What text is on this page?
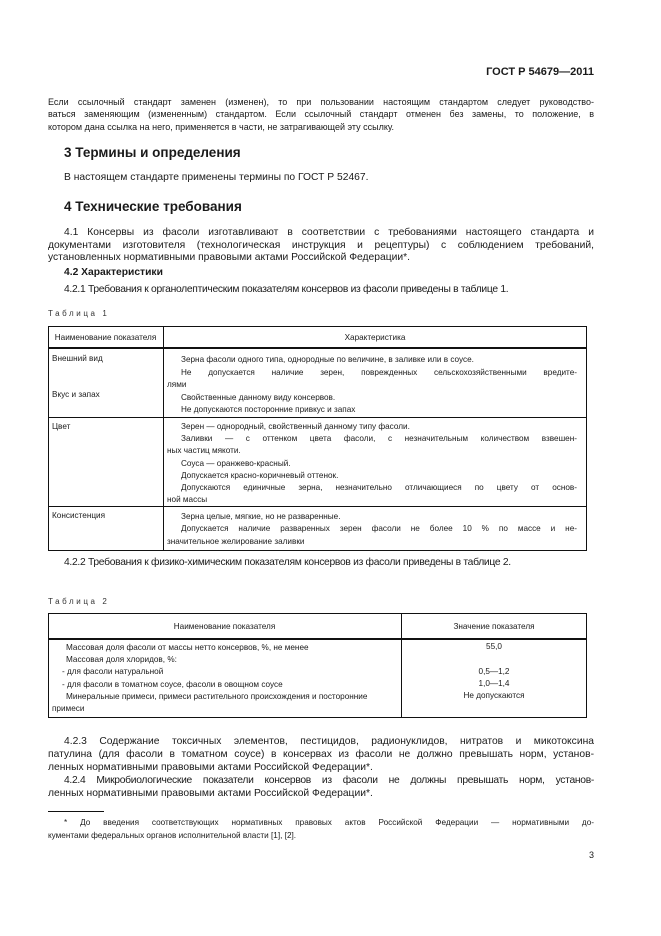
ГОСТ Р 54679—2011
Если ссылочный стандарт заменен (изменен), то при пользовании настоящим стандартом следует руководство-
ваться заменяющим (измененным) стандартом. Если ссылочный стандарт отменен без замены, то положение, в
котором дана ссылка на него, применяется в части, не затрагивающей эту ссылку.
3 Термины и определения
В настоящем стандарте применены термины по ГОСТ Р 52467.
4 Технические требования
4.1 Консервы из фасоли изготавливают в соответствии с требованиями настоящего стандарта и
документами изготовителя (технологическая инструкция и рецептуры) с соблюдением требований,
установленных нормативными правовыми актами Российской Федерации*.
4.2 Характеристики
4.2.1 Требования к органолептическим показателям консервов из фасоли приведены в таблице 1.
Таблица 1
Наименование показателя	Характеристика
Внешний вид
Вкус и запах
Цвет
Консистенция
Зерна фасоли одного типа, однородные по величине, в заливке или в соусе.
Не допускается наличие зерен, поврежденных сельскохозяйственными вредите-
лями
Свойственные данному виду консервов.
Не допускаются посторонние привкус и запах
Зерен — однородный, свойственный данному типу фасоли.
Заливки — с оттенком цвета фасоли, с незначительным количеством взвешен-
ных частиц мякоти.
Соуса — оранжево-красный.
Допускается красно-коричневый оттенок.
Допускаются единичные зерна, незначительно отличающиеся по цвету от основ-
ной массы
Зерна целые, мягкие, но не разваренные.
Допускается наличие разваренных зерен фасоли не более 10 % по массе и не-
значительное желирование заливки
4.2.2 Требования к физико-химическим показателям консервов из фасоли приведены в таблице 2.
Таблица 2
Наименование показателя	Значение показателя
Массовая доля фасоли от массы нетто консервов, %, не менее
Массовая доля хлоридов, %:
- для фасоли натуральной
- для фасоли в томатном соусе, фасоли в овощном соусе
Минеральные примеси, примеси растительного происхождения и посторонние
примеси
55,0
0,5—1,2
1,0—1,4
Не допускаются
4.2.3 Содержание токсичных элементов, пестицидов, радионуклидов, нитратов и микотоксина
патулина (для фасоли в томатном соусе) в консервах из фасоли не должно превышать норм, установ-
ленных нормативными правовыми актами Российской Федерации*.
4.2.4 Микробиологические показатели консервов из фасоли не должны превышать норм, установ-
ленных нормативными правовыми актами Российской Федерации*.
* До введения соответствующих нормативных правовых актов Российской Федерации — нормативными до-
кументами федеральных органов исполнительной власти [1], [2].
3
